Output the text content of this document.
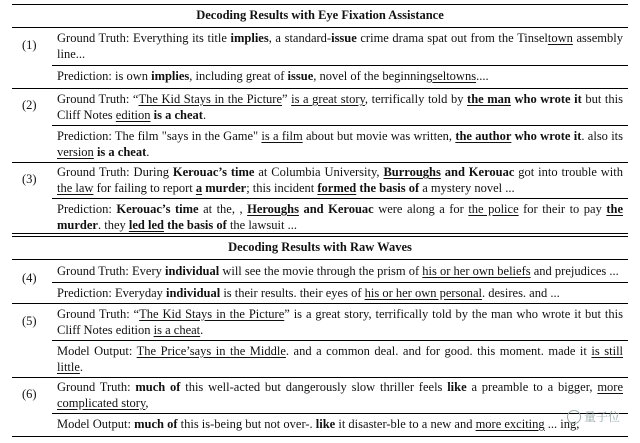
Decoding Results with Eye Fixation Assistance
(1) Ground Truth: Everything its title implies, a standard-issue crime drama spat out from the Tinseltown assembly line...
Prediction: is own implies, including great of issue, novel of the beginningseltowns....
(2) Ground Truth: “The Kid Stays in the Picture” is a great story, terrifically told by the man who wrote it but this Cliff Notes edition is a cheat.
Prediction: The film "says in the Game" is a film about but movie was written, the author who wrote it. also its version is a cheat.
(3) Ground Truth: During Kerouac’s time at Columbia University, Burroughs and Kerouac got into trouble with the law for failing to report a murder; this incident formed the basis of a mystery novel ...
Prediction: Kerouac’s time at the, , Heroughs and Kerouac were along a for the police for their to pay the murder. they led led the basis of the lawsuit ...
Decoding Results with Raw Waves
(4) Ground Truth: Every individual will see the movie through the prism of his or her own beliefs and prejudices ...
Prediction: Everyday individual is their results. their eyes of his or her own personal. desires. and ...
(5) Ground Truth: “The Kid Stays in the Picture” is a great story, terrifically told by the man who wrote it but this Cliff Notes edition is a cheat.
Model Output: The Price’says in the Middle. and a common deal. and for good. this moment. made it is still little.
(6) Ground Truth: much of this well-acted but dangerously slow thriller feels like a preamble to a bigger, more complicated story,
Model Output: much of this is-being but not over-. like it disaster-ble to a new and more exciting ... ing, 量子位
